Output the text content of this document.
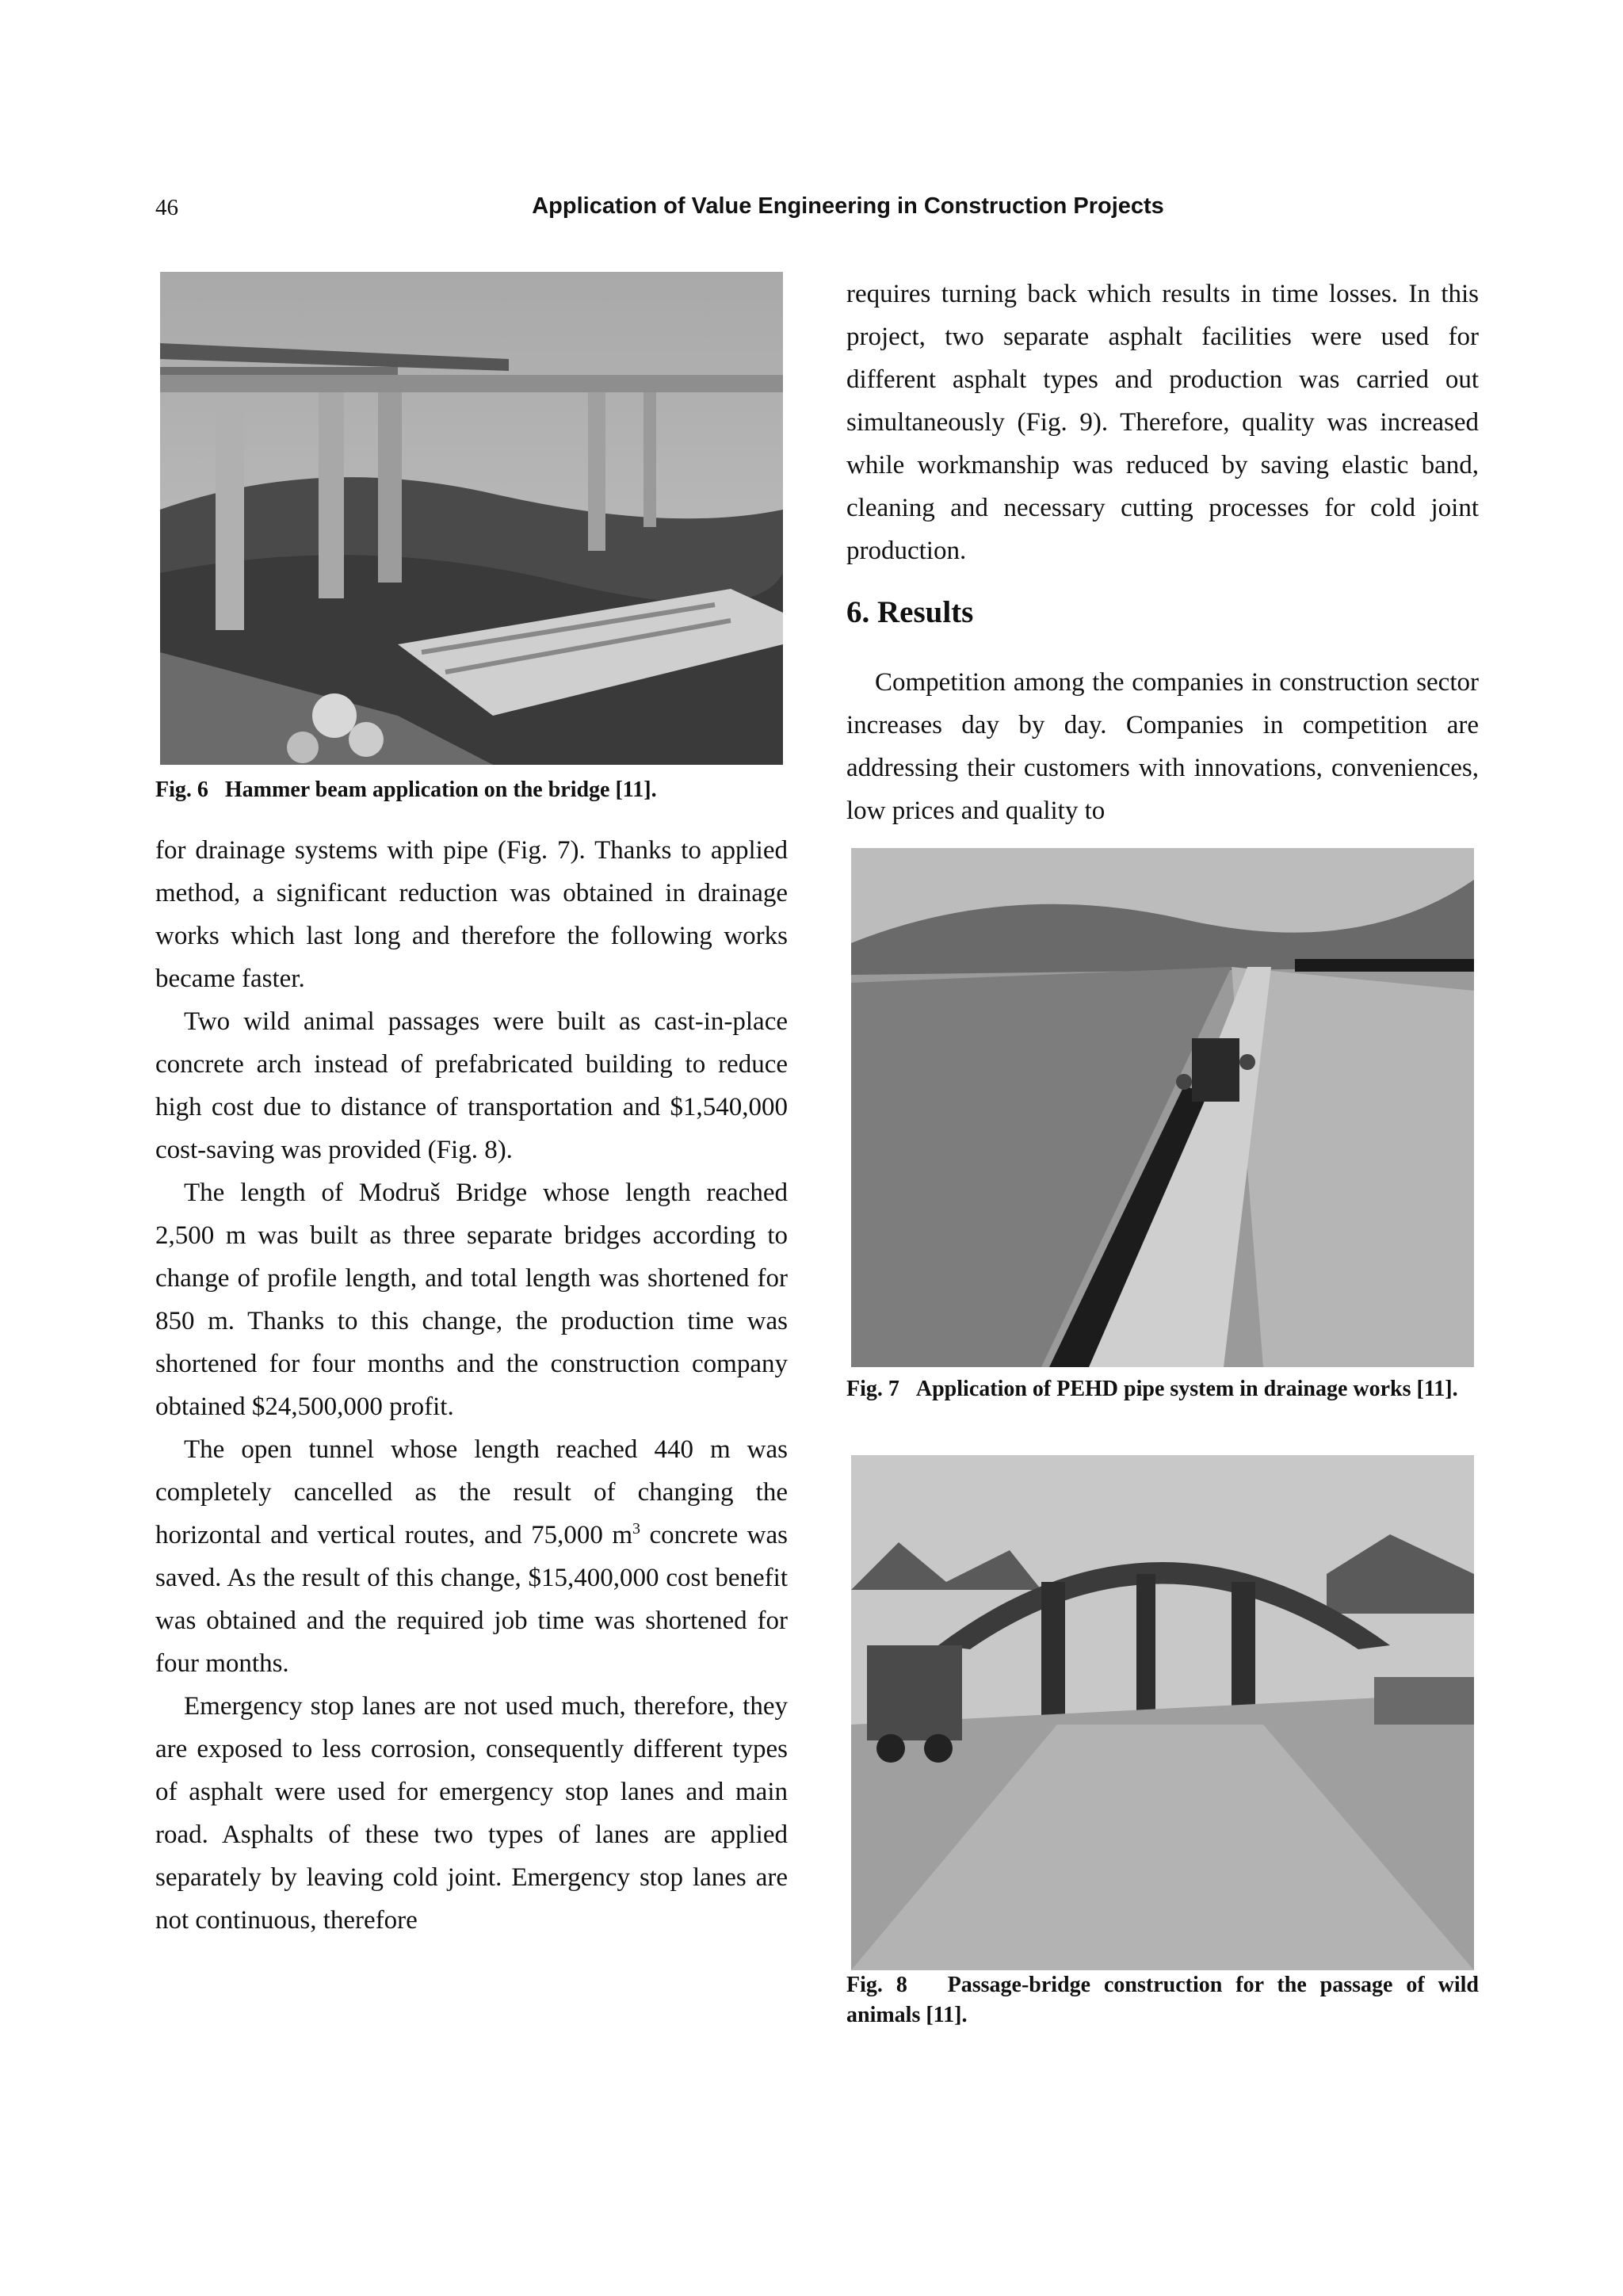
46	Application of Value Engineering in Construction Projects
Fig. 6 Hammer beam application on the bridge [11].

for drainage systems with pipe (Fig. 7). Thanks to applied method, a significant reduction was obtained in drainage works which last long and therefore the following works became faster.

Two wild animal passages were built as cast-in-place concrete arch instead of prefabricated building to reduce high cost due to distance of transportation and $1,540,000 cost-saving was provided (Fig. 8).

The length of Modruš Bridge whose length reached 2,500 m was built as three separate bridges according to change of profile length, and total length was shortened for 850 m. Thanks to this change, the production time was shortened for four months and the construction company obtained $24,500,000 profit.

The open tunnel whose length reached 440 m was completely cancelled as the result of changing the horizontal and vertical routes, and 75,000 $m^3$ concrete was saved. As the result of this change, $15,400,000 cost benefit was obtained and the required job time was shortened for four months.

Emergency stop lanes are not used much, therefore, they are exposed to less corrosion, consequently different types of asphalt were used for emergency stop lanes and main road. Asphalts of these two types of lanes are applied separately by leaving cold joint. Emergency stop lanes are not continuous, therefore

requires turning back which results in time losses. In this project, two separate asphalt facilities were used for different asphalt types and production was carried out simultaneously (Fig. 9). Therefore, quality was increased while workmanship was reduced by saving elastic band, cleaning and necessary cutting processes for cold joint production.

6. Results

Competition among the companies in construction sector increases day by day. Companies in competition are addressing their customers with innovations, conveniences, low prices and quality to

Fig. 7 Application of PEHD pipe system in drainage works [11].
Fig. 8 Passage-bridge construction for the passage of wild animals [11].
